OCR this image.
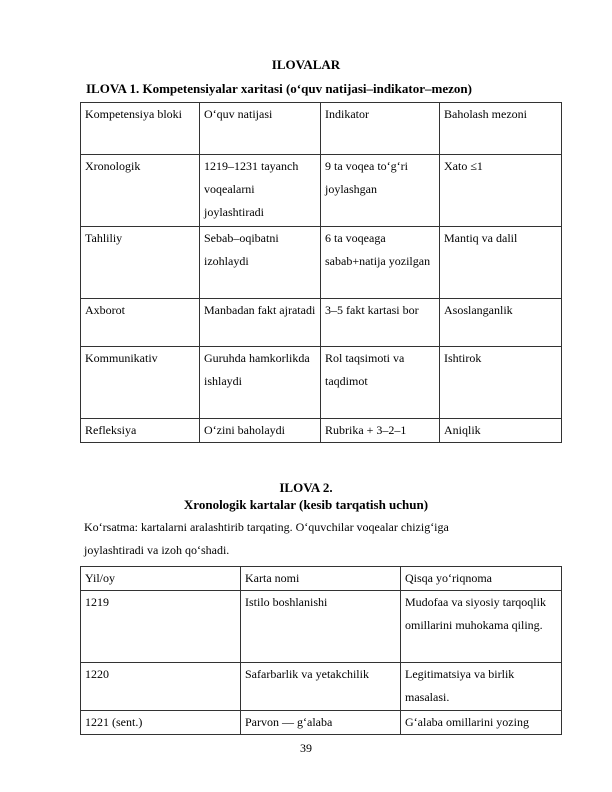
ILOVALAR
ILOVA 1. Kompetensiyalar xaritasi (o‘quv natijasi–indikator–mezon)
Kompetensiya bloki	O‘quv natijasi	Indikator	Baholash mezoni
Xronologik	1219–1231 tayanch voqealarni joylashtiradi	9 ta voqea to‘g‘ri joylashgan	Xato ≤1
Tahliliy	Sebab–oqibatni izohlaydi	6 ta voqeaga sabab+natija yozilgan	Mantiq va dalil
Axborot	Manbadan fakt ajratadi	3–5 fakt kartasi bor	Asoslanganlik
Kommunikativ	Guruhda hamkorlikda ishlaydi	Rol taqsimoti va taqdimot	Ishtirok
Refleksiya	O‘zini baholaydi	Rubrika + 3–2–1	Aniqlik
ILOVA 2.
Xronologik kartalar (kesib tarqatish uchun)
Ko‘rsatma: kartalarni aralashtirib tarqating. O‘quvchilar voqealar chizig‘iga joylashtiradi va izoh qo‘shadi.
Yil/oy	Karta nomi	Qisqa yo‘riqnoma
1219	Istilo boshlanishi	Mudofaa va siyosiy tarqoqlik omillarini muhokama qiling.
1220	Safarbarlik va yetakchilik	Legitimatsiya va birlik masalasi.
1221 (sent.)	Parvon — g‘alaba	G‘alaba omillarini yozing
39
